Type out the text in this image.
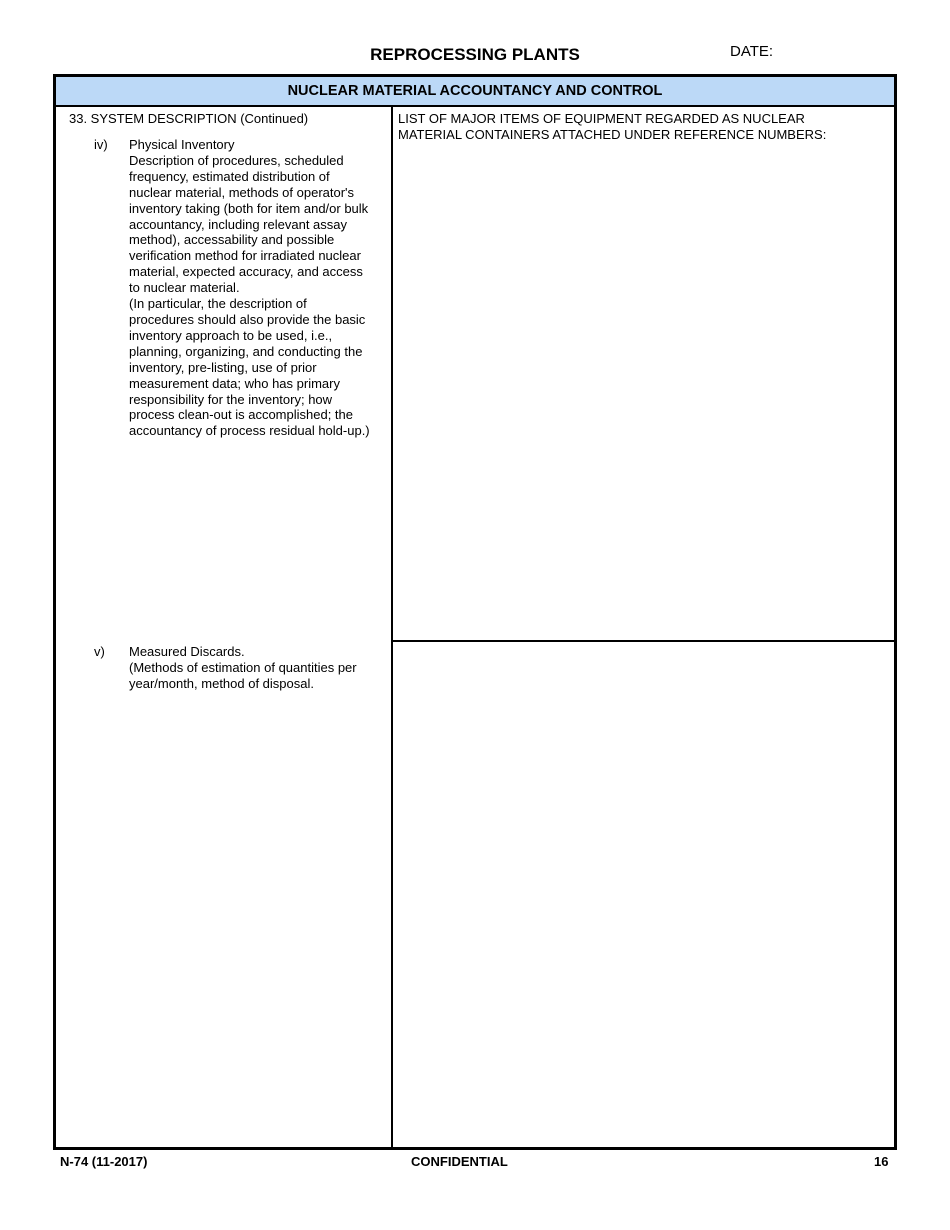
REPROCESSING PLANTS	DATE:
NUCLEAR MATERIAL ACCOUNTANCY AND CONTROL
33. SYSTEM DESCRIPTION (Continued)
iv) Physical Inventory
Description of procedures, scheduled
frequency, estimated distribution of
nuclear material, methods of operator's
inventory taking (both for item and/or bulk
accountancy, including relevant assay
method), accessability and possible
verification method for irradiated nuclear
material, expected accuracy, and access
to nuclear material.
(In particular, the description of
procedures should also provide the basic
inventory approach to be used, i.e.,
planning, organizing, and conducting the
inventory, pre-listing, use of prior
measurement data; who has primary
responsibility for the inventory; how
process clean-out is accomplished; the
accountancy of process residual hold-up.)
v) Measured Discards.
(Methods of estimation of quantities per
year/month, method of disposal.
LIST OF MAJOR ITEMS OF EQUIPMENT REGARDED AS NUCLEAR
MATERIAL CONTAINERS ATTACHED UNDER REFERENCE NUMBERS:
N-74 (11-2017)	CONFIDENTIAL	16
